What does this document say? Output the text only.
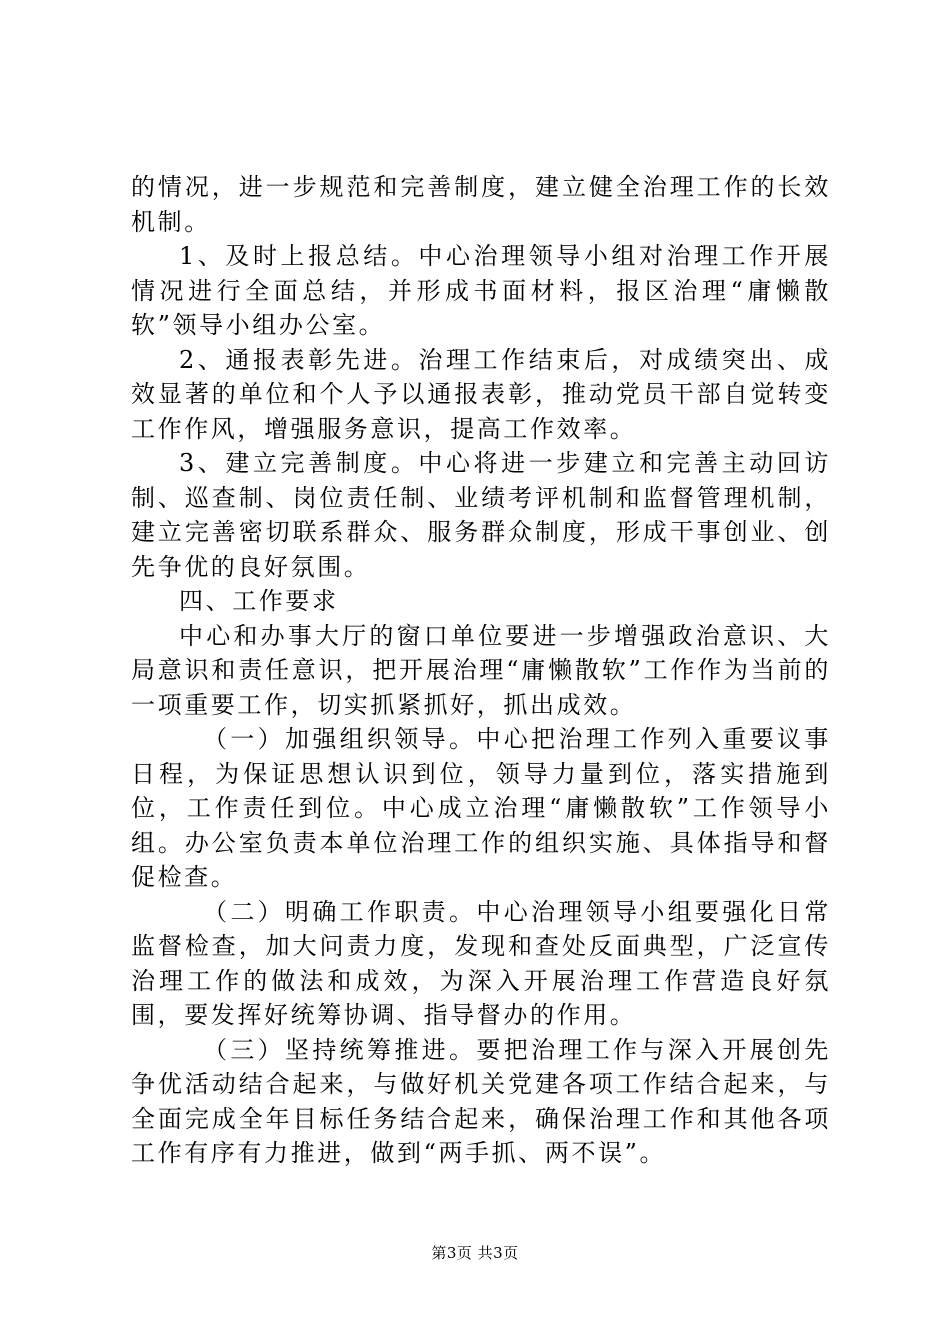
的情况，进一步规范和完善制度，建立健全治理工作的长效机制。

1、及时上报总结。中心治理领导小组对治理工作开展情况进行全面总结，并形成书面材料，报区治理“庸懒散软”领导小组办公室。

2、通报表彰先进。治理工作结束后，对成绩突出、成效显著的单位和个人予以通报表彰，推动党员干部自觉转变工作作风，增强服务意识，提高工作效率。

3、建立完善制度。中心将进一步建立和完善主动回访制、巡查制、岗位责任制、业绩考评机制和监督管理机制，建立完善密切联系群众、服务群众制度，形成干事创业、创先争优的良好氛围。

四、工作要求

中心和办事大厅的窗口单位要进一步增强政治意识、大局意识和责任意识，把开展治理“庸懒散软”工作作为当前的一项重要工作，切实抓紧抓好，抓出成效。

（一）加强组织领导。中心把治理工作列入重要议事日程，为保证思想认识到位，领导力量到位，落实措施到位，工作责任到位。中心成立治理“庸懒散软”工作领导小组。办公室负责本单位治理工作的组织实施、具体指导和督促检查。

（二）明确工作职责。中心治理领导小组要强化日常监督检查，加大问责力度，发现和查处反面典型，广泛宣传治理工作的做法和成效，为深入开展治理工作营造良好氛围，要发挥好统筹协调、指导督办的作用。

（三）坚持统筹推进。要把治理工作与深入开展创先争优活动结合起来，与做好机关党建各项工作结合起来，与全面完成全年目标任务结合起来，确保治理工作和其他各项工作有序有力推进，做到“两手抓、两不误”。

第3页 共3页
